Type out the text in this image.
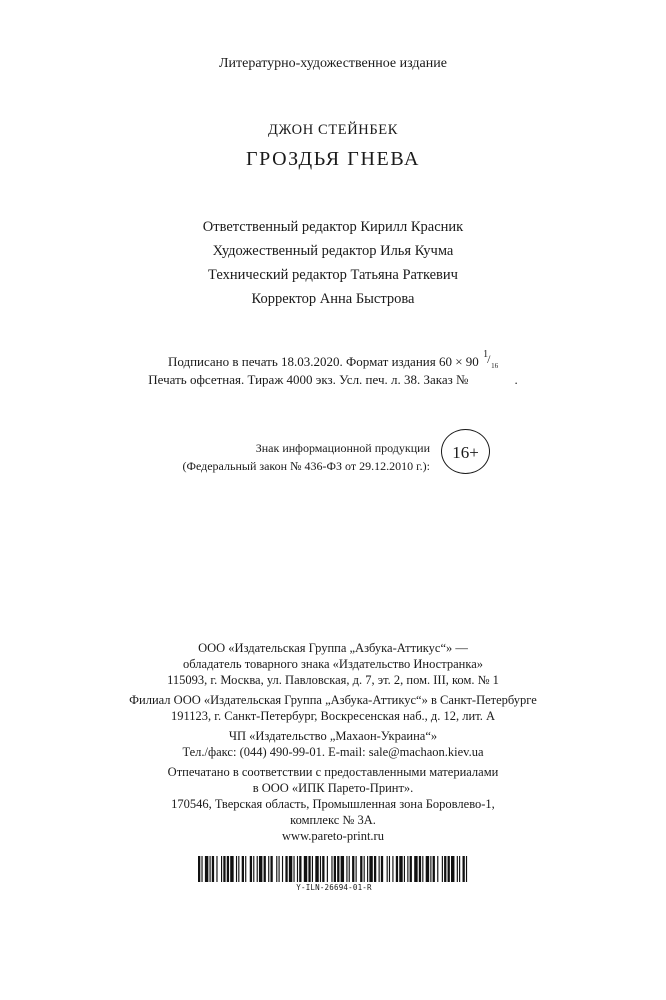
Литературно-художественное издание
ДЖОН СТЕЙНБЕК
ГРОЗДЬЯ ГНЕВА
Ответственный редактор Кирилл Красник
Художественный редактор Илья Кучма
Технический редактор Татьяна Раткевич
Корректор Анна Быстрова
Подписано в печать 18.03.2020. Формат издания 60 × 90 1 / 16
Печать офсетная. Тираж 4000 экз. Усл. печ. л. 38. Заказ №	.
Знак информационной продукции
(Федеральный закон № 436-ФЗ от 29.12.2010 г.):
16+
ООО «Издательская Группа „Азбука-Аттикус“» —
обладатель товарного знака «Издательство Иностранка»
115093, г. Москва, ул. Павловская, д. 7, эт. 2, пом. III, ком. № 1
Филиал ООО «Издательская Группа „Азбука-Аттикус“» в Санкт-Петербурге
191123, г. Санкт-Петербург, Воскресенская наб., д. 12, лит. А
ЧП «Издательство „Махаон-Украина“»
Тел./факс: (044) 490-99-01. E-mail: sale@machaon.kiev.ua
Отпечатано в соответствии с предоставленными материалами
в ООО «ИПК Парето-Принт».
170546, Тверская область, Промышленная зона Боровлево-1,
комплекс № 3А.
www.pareto-print.ru
Y-ILN-26694-01-R
